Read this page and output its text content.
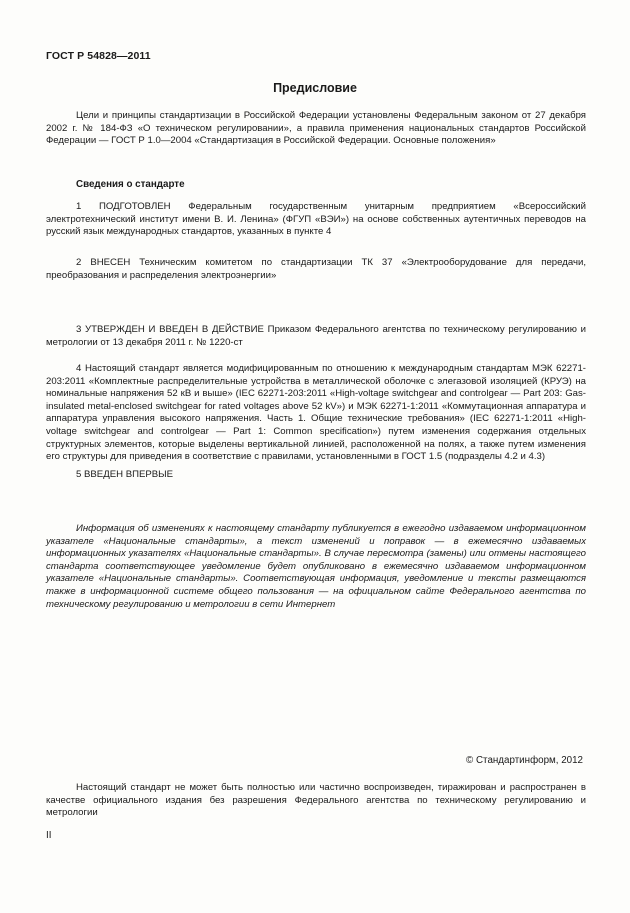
ГОСТ Р 54828—2011
Предисловие

Цели и принципы стандартизации в Российской Федерации установлены Федеральным законом от 27 декабря 2002 г. № 184-ФЗ «О техническом регулировании», а правила применения национальных стандартов Российской Федерации — ГОСТ Р 1.0—2004 «Стандартизация в Российской Федерации. Основные положения»

Сведения о стандарте

1 ПОДГОТОВЛЕН Федеральным государственным унитарным предприятием «Всероссийский электротехнический институт имени В. И. Ленина» (ФГУП «ВЭИ») на основе собственных аутентичных переводов на русский язык международных стандартов, указанных в пункте 4

2 ВНЕСЕН Техническим комитетом по стандартизации ТК 37 «Электрооборудование для передачи, преобразования и распределения электроэнергии»

3 УТВЕРЖДЕН И ВВЕДЕН В ДЕЙСТВИЕ Приказом Федерального агентства по техническому регулированию и метрологии от 13 декабря 2011 г. № 1220-ст

4 Настоящий стандарт является модифицированным по отношению к международным стандартам МЭК 62271-203:2011 «Комплектные распределительные устройства в металлической оболочке с элегазовой изоляцией (КРУЭ) на номинальные напряжения 52 кВ и выше» (IEC 62271-203:2011 «High-voltage switchgear and controlgear — Part 203: Gas-insulated metal-enclosed switchgear for rated voltages above 52 kV») и МЭК 62271-1:2011 «Коммутационная аппаратура и аппаратура управления высокого напряжения. Часть 1. Общие технические требования» (IEC 62271-1:2011 «High-voltage switchgear and controlgear — Part 1: Common specification») путем изменения содержания отдельных структурных элементов, которые выделены вертикальной линией, расположенной на полях, а также путем изменения его структуры для приведения в соответствие с правилами, установленными в ГОСТ 1.5 (подразделы 4.2 и 4.3)

5 ВВЕДЕН ВПЕРВЫЕ

Информация об изменениях к настоящему стандарту публикуется в ежегодно издаваемом информационном указателе «Национальные стандарты», а текст изменений и поправок — в ежемесячно издаваемых информационных указателях «Национальные стандарты». В случае пересмотра (замены) или отмены настоящего стандарта соответствующее уведомление будет опубликовано в ежемесячно издаваемом информационном указателе «Национальные стандарты». Соответствующая информация, уведомление и тексты размещаются также в информационной системе общего пользования — на официальном сайте Федерального агентства по техническому регулированию и метрологии в сети Интернет

© Стандартинформ, 2012

Настоящий стандарт не может быть полностью или частично воспроизведен, тиражирован и распространен в качестве официального издания без разрешения Федерального агентства по техническому регулированию и метрологии

II
